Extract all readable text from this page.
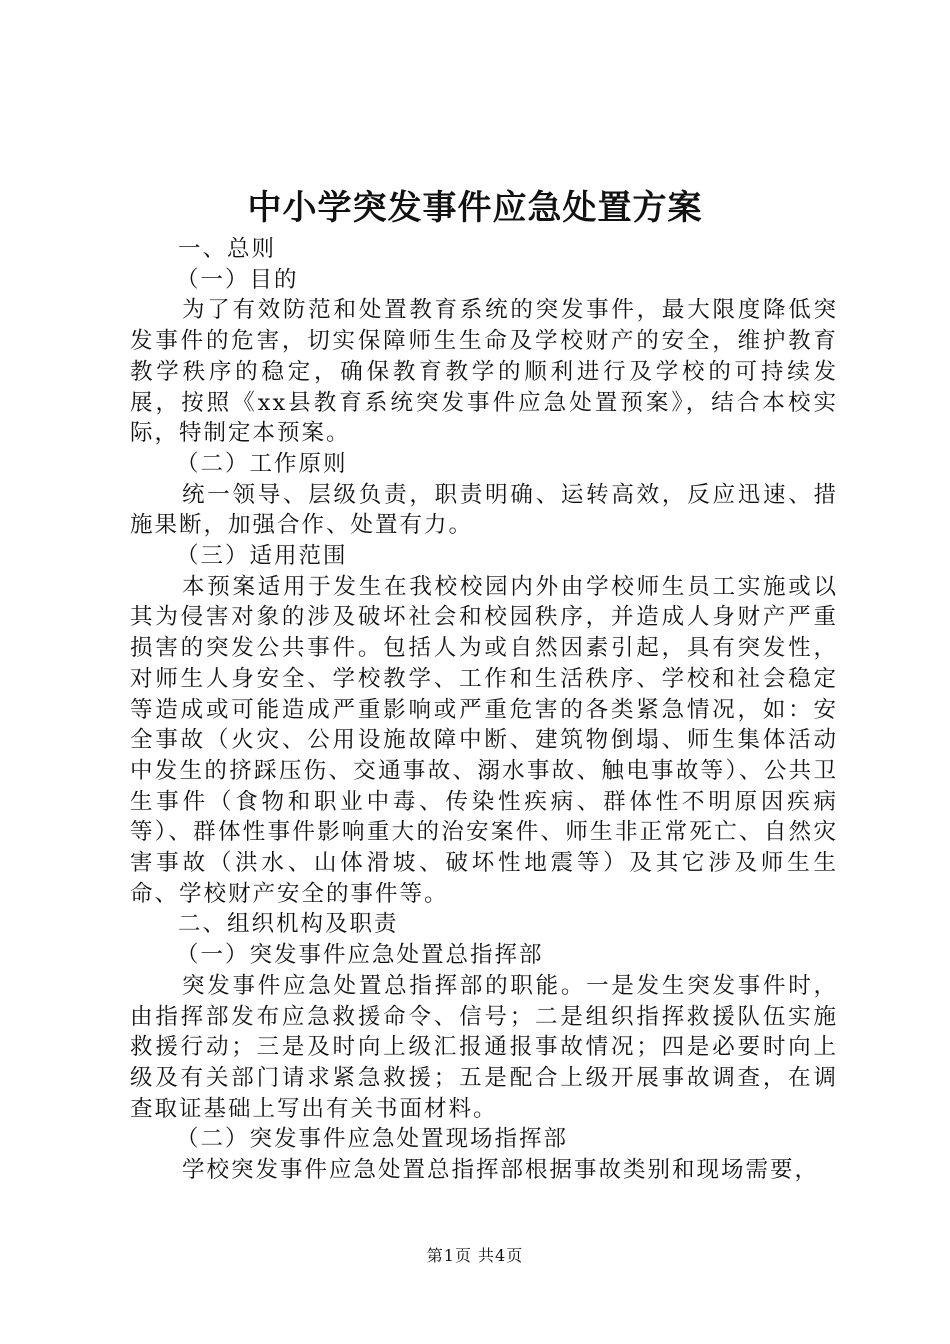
中小学突发事件应急处置方案

一、总则

（一）目的

为了有效防范和处置教育系统的突发事件，最大限度降低突发事件的危害，切实保障师生生命及学校财产的安全，维护教育教学秩序的稳定，确保教育教学的顺利进行及学校的可持续发展，按照《xx县教育系统突发事件应急处置预案》，结合本校实际，特制定本预案。

（二）工作原则

统一领导、层级负责，职责明确、运转高效，反应迅速、措施果断，加强合作、处置有力。

（三）适用范围

本预案适用于发生在我校校园内外由学校师生员工实施或以其为侵害对象的涉及破坏社会和校园秩序，并造成人身财产严重损害的突发公共事件。包括人为或自然因素引起，具有突发性，对师生人身安全、学校教学、工作和生活秩序、学校和社会稳定等造成或可能造成严重影响或严重危害的各类紧急情况，如：安全事故（火灾、公用设施故障中断、建筑物倒塌、师生集体活动中发生的挤踩压伤、交通事故、溺水事故、触电事故等）、公共卫生事件（食物和职业中毒、传染性疾病、群体性不明原因疾病等）、群体性事件影响重大的治安案件、师生非正常死亡、自然灾害事故（洪水、山体滑坡、破坏性地震等）及其它涉及师生生命、学校财产安全的事件等。

二、组织机构及职责

（一）突发事件应急处置总指挥部

突发事件应急处置总指挥部的职能。一是发生突发事件时，由指挥部发布应急救援命令、信号；二是组织指挥救援队伍实施救援行动；三是及时向上级汇报通报事故情况；四是必要时向上级及有关部门请求紧急救援；五是配合上级开展事故调查，在调查取证基础上写出有关书面材料。

（二）突发事件应急处置现场指挥部

学校突发事件应急处置总指挥部根据事故类别和现场需要，

第1页 共4页
